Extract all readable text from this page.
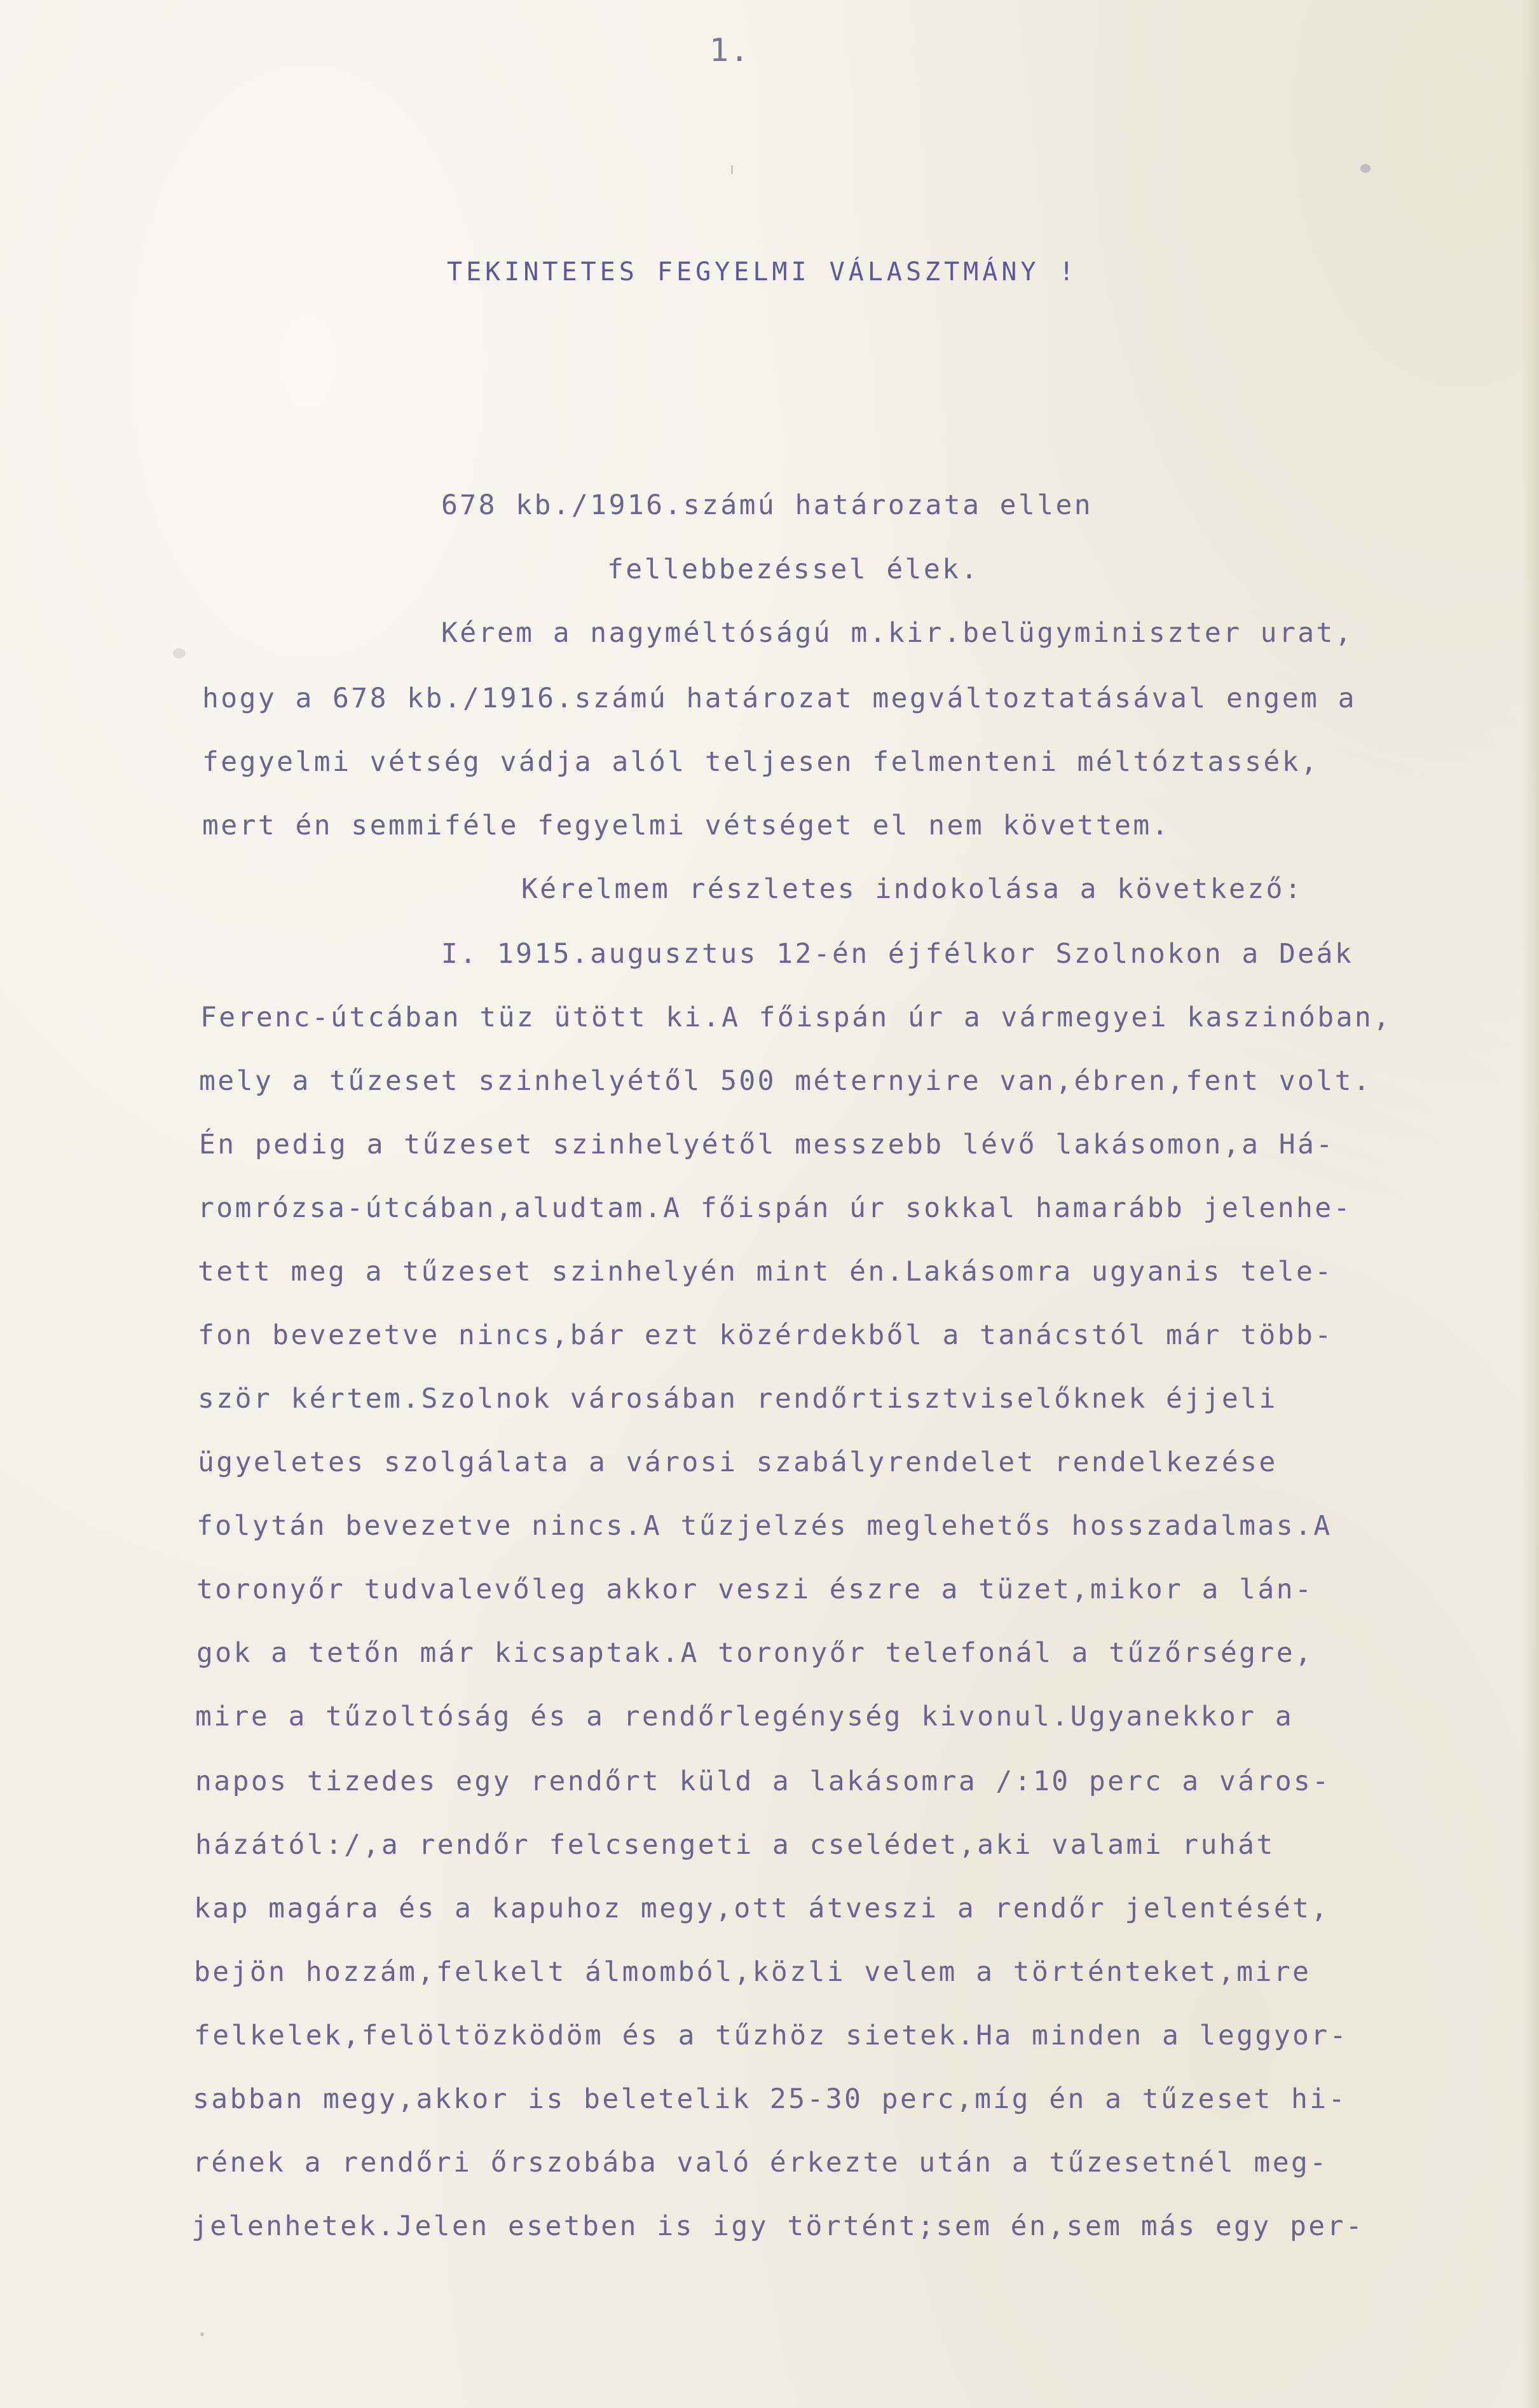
1.
TEKINTETES FEGYELMI VÁLASZTMÁNY !
678 kb./1916.számú határozata ellen
fellebbezéssel élek.
Kérem a nagyméltóságú m.kir.belügyminiszter urat,
hogy a 678 kb./1916.számú határozat megváltoztatásával engem a
fegyelmi vétség vádja alól teljesen felmenteni méltóztassék,
mert én semmiféle fegyelmi vétséget el nem követtem.
Kérelmem részletes indokolása a következő:
I. 1915.augusztus 12-én éjfélkor Szolnokon a Deák
Ferenc-útcában tüz ütött ki.A főispán úr a vármegyei kaszinóban,
mely a tűzeset szinhelyétől 500 méternyire van,ébren,fent volt.
Én pedig a tűzeset szinhelyétől messzebb lévő lakásomon,a Há-
romrózsa-útcában,aludtam.A főispán úr sokkal hamarább jelenhe-
tett meg a tűzeset szinhelyén mint én.Lakásomra ugyanis tele-
fon bevezetve nincs,bár ezt közérdekből a tanácstól már több-
ször kértem.Szolnok városában rendőrtisztviselőknek éjjeli
ügyeletes szolgálata a városi szabályrendelet rendelkezése
folytán bevezetve nincs.A tűzjelzés meglehetős hosszadalmas.A
toronyőr tudvalevőleg akkor veszi észre a tüzet,mikor a lán-
gok a tetőn már kicsaptak.A toronyőr telefonál a tűzőrségre,
mire a tűzoltóság és a rendőrlegénység kivonul.Ugyanekkor a
napos tizedes egy rendőrt küld a lakásomra /:10 perc a város-
házától:/,a rendőr felcsengeti a cselédet,aki valami ruhát
kap magára és a kapuhoz megy,ott átveszi a rendőr jelentését,
bejön hozzám,felkelt álmomból,közli velem a történteket,mire
felkelek,felöltözködöm és a tűzhöz sietek.Ha minden a leggyor-
sabban megy,akkor is beletelik 25-30 perc,míg én a tűzeset hi-
rének a rendőri őrszobába való érkezte után a tűzesetnél meg-
jelenhetek.Jelen esetben is igy történt;sem én,sem más egy per-
